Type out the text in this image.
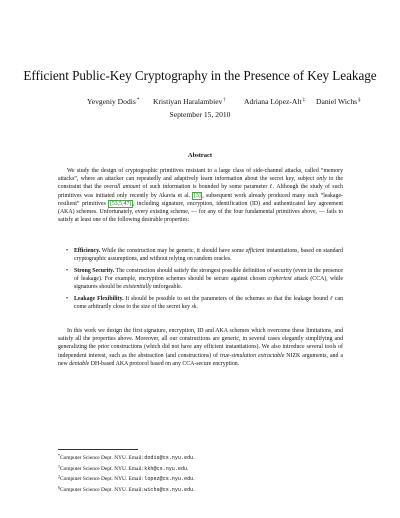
Efficient Public-Key Cryptography in the Presence of Key Leakage
Yevgeniy Dodis* Kristiyan Haralambiev† Adriana López-Alt‡ Daniel Wichs§
September 15, 2010
Abstract
We study the design of cryptographic primitives resistant to a large class of side-channel attacks, called “memory attacks”, where an attacker can repeatedly and adaptively learn information about the secret key, subject only to the constraint that the overall amount of such information is bounded by some parameter ℓ. Although the study of such primitives was initiated only recently by Akavia et al. [3] , subsequent work already produced many such “leakage-resilient” primitives [53,5,47] , including signature, encryption, identification (ID) and authenticated key agreement (AKA) schemes. Unfortunately, every existing scheme, — for any of the four fundamental primitives above, — fails to satisfy at least one of the following desirable properties:
• Efficiency. While the construction may be generic, it should have some efficient instantiations, based on standard cryptographic assumptions, and without relying on random oracles.
• Strong Security. The construction should satisfy the strongest possible definition of security (even in the presence of leakage). For example, encryption schemes should be secure against chosen ciphertext attack (CCA), while signatures should be existentially unforgeable.
• Leakage Flexibility. It should be possible to set the parameters of the schemes so that the leakage bound ℓ can come arbitrarily close to the size of the secret key sk.
In this work we design the first signature, encryption, ID and AKA schemes which overcome these limitations, and satisfy all the properties above. Moreover, all our constructions are generic, in several cases elegantly simplifying and generalizing the prior constructions (which did not have any efficient instantiations). We also introduce several tools of independent interest, such as the abstraction (and constructions) of true-simulation extractable NIZK arguments, and a new deniable DH-based AKA protocol based on any CCA-secure encryption.
*Computer Science Dept. NYU. Email: dodis@cs.nyu.edu.
†Computer Science Dept. NYU. Email: kkh@cs.nyu.edu.
‡Computer Science Dept. NYU. Email: lopez@cs.nyu.edu.
§Computer Science Dept. NYU. Email: wichs@cs.nyu.edu.
